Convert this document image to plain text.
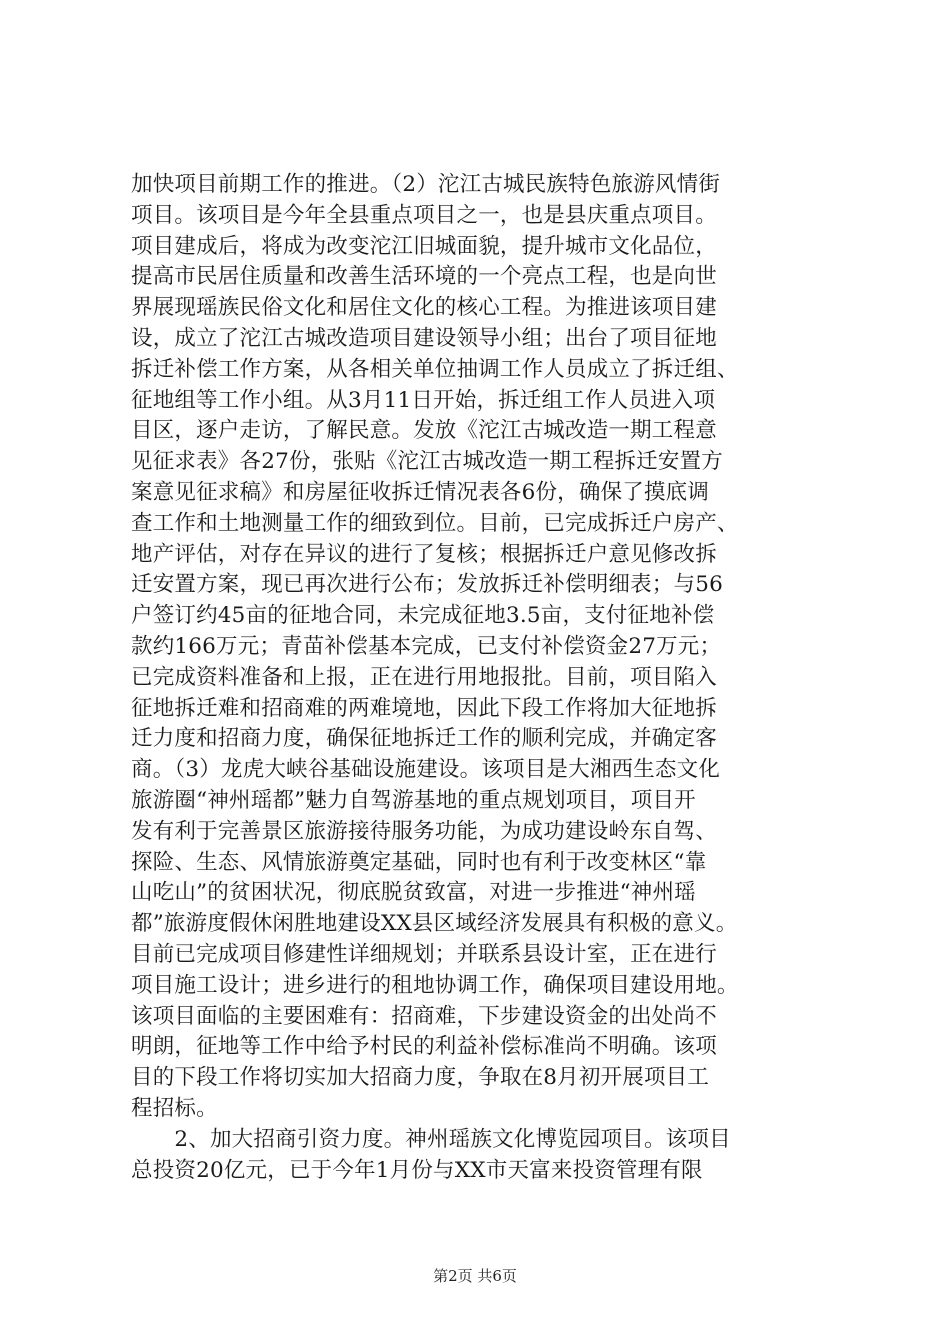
加快项目前期工作的推进。（2）沱江古城民族特色旅游风情街
项目。该项目是今年全县重点项目之一，也是县庆重点项目。
项目建成后，将成为改变沱江旧城面貌，提升城市文化品位，
提高市民居住质量和改善生活环境的一个亮点工程，也是向世
界展现瑶族民俗文化和居住文化的核心工程。为推进该项目建
设，成立了沱江古城改造项目建设领导小组；出台了项目征地
拆迁补偿工作方案，从各相关单位抽调工作人员成立了拆迁组、
征地组等工作小组。从3月11日开始，拆迁组工作人员进入项
目区，逐户走访，了解民意。发放《沱江古城改造一期工程意
见征求表》各27份，张贴《沱江古城改造一期工程拆迁安置方
案意见征求稿》和房屋征收拆迁情况表各6份，确保了摸底调
查工作和土地测量工作的细致到位。目前，已完成拆迁户房产、
地产评估，对存在异议的进行了复核；根据拆迁户意见修改拆
迁安置方案，现已再次进行公布；发放拆迁补偿明细表；与56
户签订约45亩的征地合同，未完成征地3.5亩，支付征地补偿
款约166万元；青苗补偿基本完成，已支付补偿资金27万元；
已完成资料准备和上报，正在进行用地报批。目前，项目陷入
征地拆迁难和招商难的两难境地，因此下段工作将加大征地拆
迁力度和招商力度，确保征地拆迁工作的顺利完成，并确定客
商。（3）龙虎大峡谷基础设施建设。该项目是大湘西生态文化
旅游圈“神州瑶都”魅力自驾游基地的重点规划项目，项目开
发有利于完善景区旅游接待服务功能，为成功建设岭东自驾、
探险、生态、风情旅游奠定基础，同时也有利于改变林区“靠
山吃山”的贫困状况，彻底脱贫致富，对进一步推进“神州瑶
都”旅游度假休闲胜地建设XX县区域经济发展具有积极的意义。
目前已完成项目修建性详细规划；并联系县设计室，正在进行
项目施工设计；进乡进行的租地协调工作，确保项目建设用地。
该项目面临的主要困难有：招商难，下步建设资金的出处尚不
明朗，征地等工作中给予村民的利益补偿标准尚不明确。该项
目的下段工作将切实加大招商力度，争取在8月初开展项目工
程招标。
　　2、加大招商引资力度。神州瑶族文化博览园项目。该项目
总投资20亿元，已于今年1月份与XX市天富来投资管理有限
第2页 共6页
